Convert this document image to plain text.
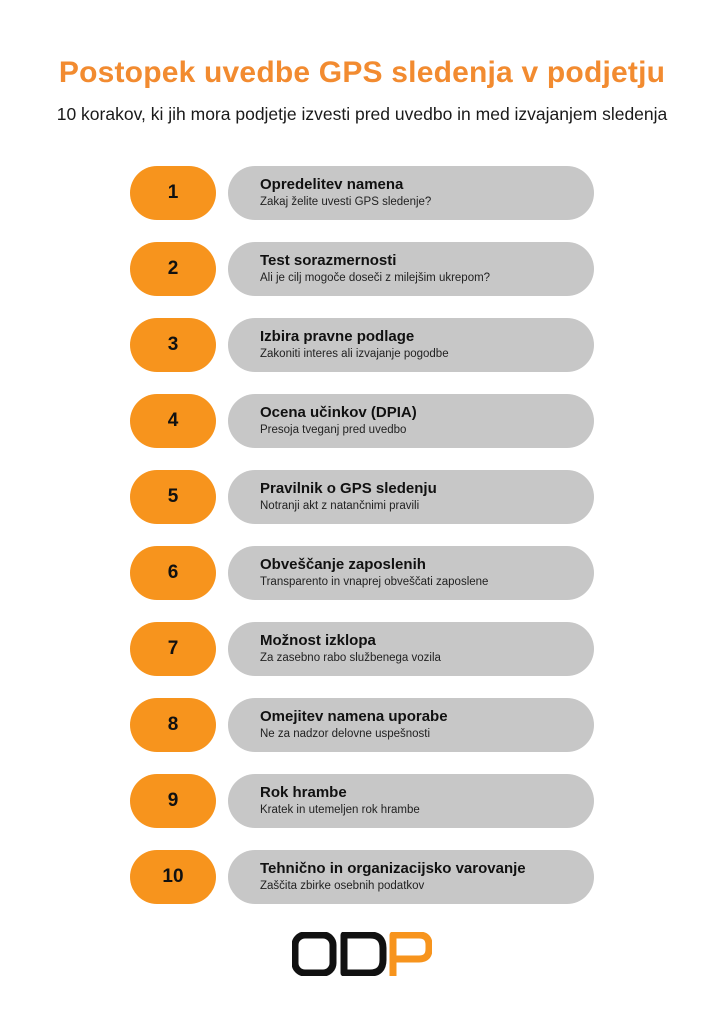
Postopek uvedbe GPS sledenja v podjetju
10 korakov, ki jih mora podjetje izvesti pred uvedbo in med izvajanjem sledenja
1	Opredelitev namena
Zakaj želite uvesti GPS sledenje?
2	Test sorazmernosti
Ali je cilj mogoče doseči z milejšim ukrepom?
3	Izbira pravne podlage
Zakoniti interes ali izvajanje pogodbe
4	Ocena učinkov (DPIA)
Presoja tveganj pred uvedbo
5	Pravilnik o GPS sledenju
Notranji akt z natančnimi pravili
6	Obveščanje zaposlenih
Transparento in vnaprej obveščati zaposlene
7	Možnost izklopa
Za zasebno rabo službenega vozila
8	Omejitev namena uporabe
Ne za nadzor delovne uspešnosti
9	Rok hrambe
Kratek in utemeljen rok hrambe
10	Tehnično in organizacijsko varovanje
Zaščita zbirke osebnih podatkov
